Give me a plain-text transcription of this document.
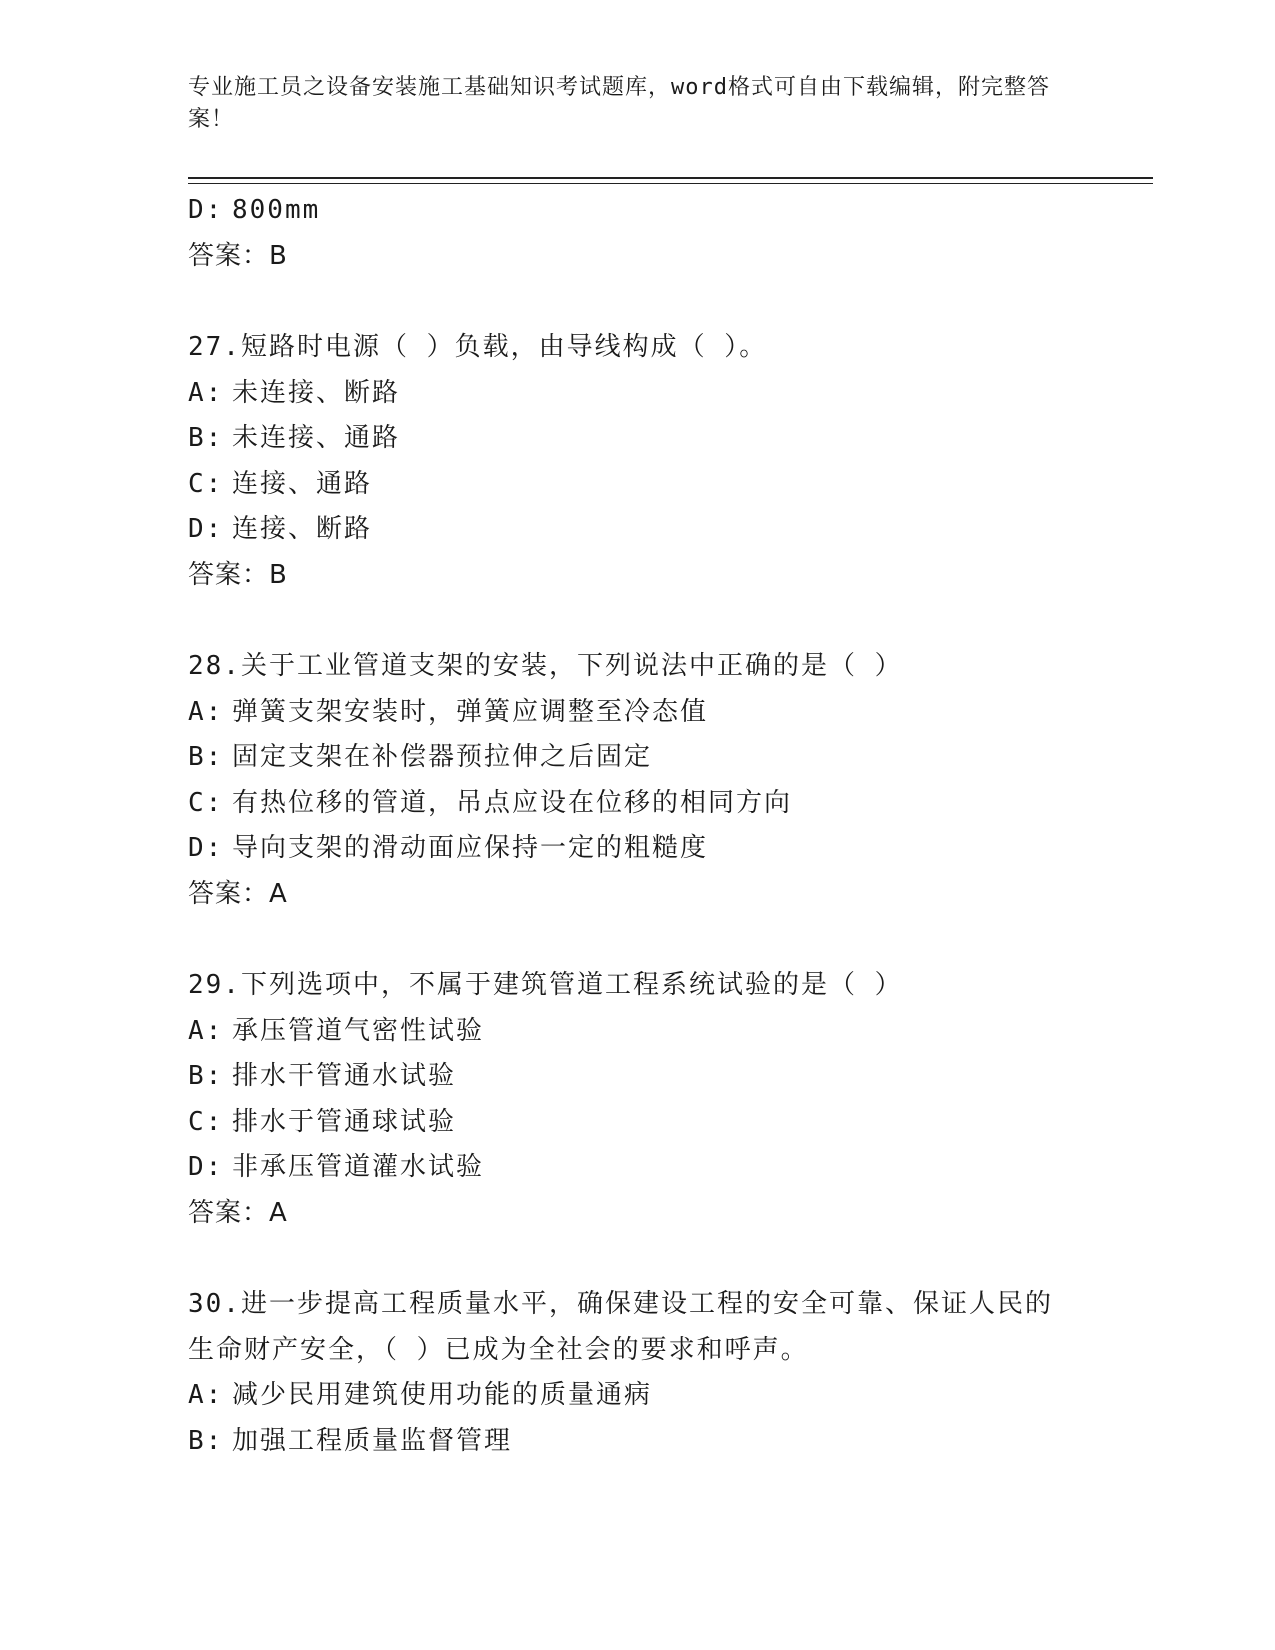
专业施工员之设备安装施工基础知识考试题库，word格式可自由下载编辑，附完整答案！
D: 800mm
答案：B
27.短路时电源（ ）负载，由导线构成（ ）。
A: 未连接、断路
B: 未连接、通路
C: 连接、通路
D: 连接、断路
答案：B
28.关于工业管道支架的安装，下列说法中正确的是（ ）
A: 弹簧支架安装时，弹簧应调整至冷态值
B: 固定支架在补偿器预拉伸之后固定
C: 有热位移的管道，吊点应设在位移的相同方向
D: 导向支架的滑动面应保持一定的粗糙度
答案：A
29.下列选项中，不属于建筑管道工程系统试验的是（ ）
A: 承压管道气密性试验
B: 排水干管通水试验
C: 排水于管通球试验
D: 非承压管道灌水试验
答案：A
30.进一步提高工程质量水平，确保建设工程的安全可靠、保证人民的
生命财产安全，（ ）已成为全社会的要求和呼声。
A: 减少民用建筑使用功能的质量通病
B: 加强工程质量监督管理
